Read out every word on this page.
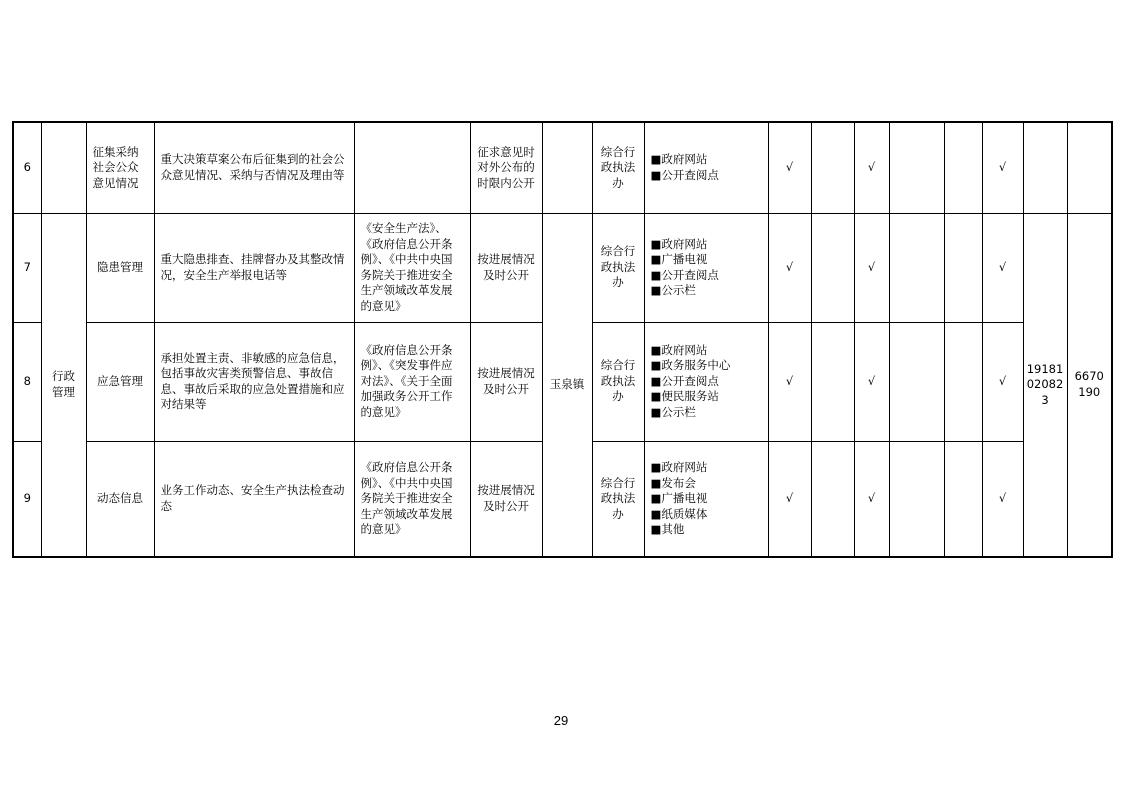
6		征集采纳社会公众意见情况	重大决策草案公布后征集到的社会公众意见情况、采纳与否情况及理由等		征求意见时对外公布的时限内公开		综合行政执法办	■政府网站
■公开查阅点	√		√			√		
7	行政管理	隐患管理	重大隐患排查、挂牌督办及其整改情况，安全生产举报电话等	《安全生产法》、《政府信息公开条例》、《中共中央国务院关于推进安全生产领域改革发展的意见》	按进展情况及时公开	玉泉镇	综合行政执法办	■政府网站
■广播电视
■公开查阅点
■公示栏	√		√			√	19181020823	6670190
8		应急管理	承担处置主责、非敏感的应急信息，包括事故灾害类预警信息、事故信息、事故后采取的应急处置措施和应对结果等	《政府信息公开条例》、《突发事件应对法》、《关于全面加强政务公开工作的意见》	按进展情况及时公开		综合行政执法办	■政府网站
■政务服务中心
■公开查阅点
■便民服务站
■公示栏	√		√			√		
9		动态信息	业务工作动态、安全生产执法检查动态	《政府信息公开条例》、《中共中央国务院关于推进安全生产领域改革发展的意见》	按进展情况及时公开		综合行政执法办	■政府网站
■发布会
■广播电视
■纸质媒体
■其他	√		√			√		
29
